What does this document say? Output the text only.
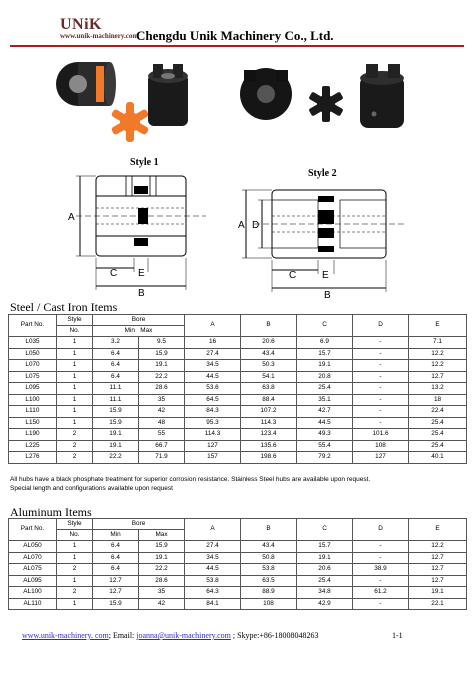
UNiK
www.unik-machinery.com
Chengdu Unik Machinery Co., Ltd.
Style 1
Style 2
A
C E
B
A D
C	E
B
Steel / Cast Iron Items
Part No.	Style	Bore		A	B	C	D	E
	No.	Min Max						
L035	1	3.2	9.5	16	20.6	6.9	-	7.1
L050	1	6.4	15.9	27.4	43.4	15.7	-	12.2
L070	1	6.4	19.1	34.5	50.3	19.1	-	12.2
L075	1	6.4	22.2	44.5	54.1	20.8	-	12.7
L095	1	11.1	28.6	53.6	63.8	25.4	-	13.2
L100	1	11.1	35	64.5	88.4	35.1	-	18
L110	1	15.9	42	84.3	107.2	42.7	-	22.4
L150	1	15.9	48	95.3	114.3	44.5	-	25.4
L190	2	19.1	55	114.3	123.4	49.3	101.6	25.4
L225	2	19.1	66.7	127	135.6	55.4	108	25.4
L276	2	22.2	71.9	157	198.6	79.2	127	40.1
All hubs have a black phosphate treatment for superior corrosion resistance. Stainless Steel hubs are available upon request.
Special length and configurations available upon request
Aluminum Items
Part No.	Style	Bore		A	B	C	D	E
	No.	Min	Max					
AL050	1	6.4	15.9	27.4	43.4	15.7	-	12.2
AL070	1	6.4	19.1	34.5	50.8	19.1	-	12.7
AL075	2	6.4	22.2	44.5	53.8	20.6	38.9	12.7
AL095	1	12.7	28.6	53.8	63.5	25.4	-	12.7
AL100	2	12.7	35	64.3	88.9	34.8	61.2	19.1
AL110	1	15.9	42	84.1	108	42.9	-	22.1
www.unik-machinery. com; Email: joanna@unik-machinery.com ; Skype:+86-18008048263	1-1
